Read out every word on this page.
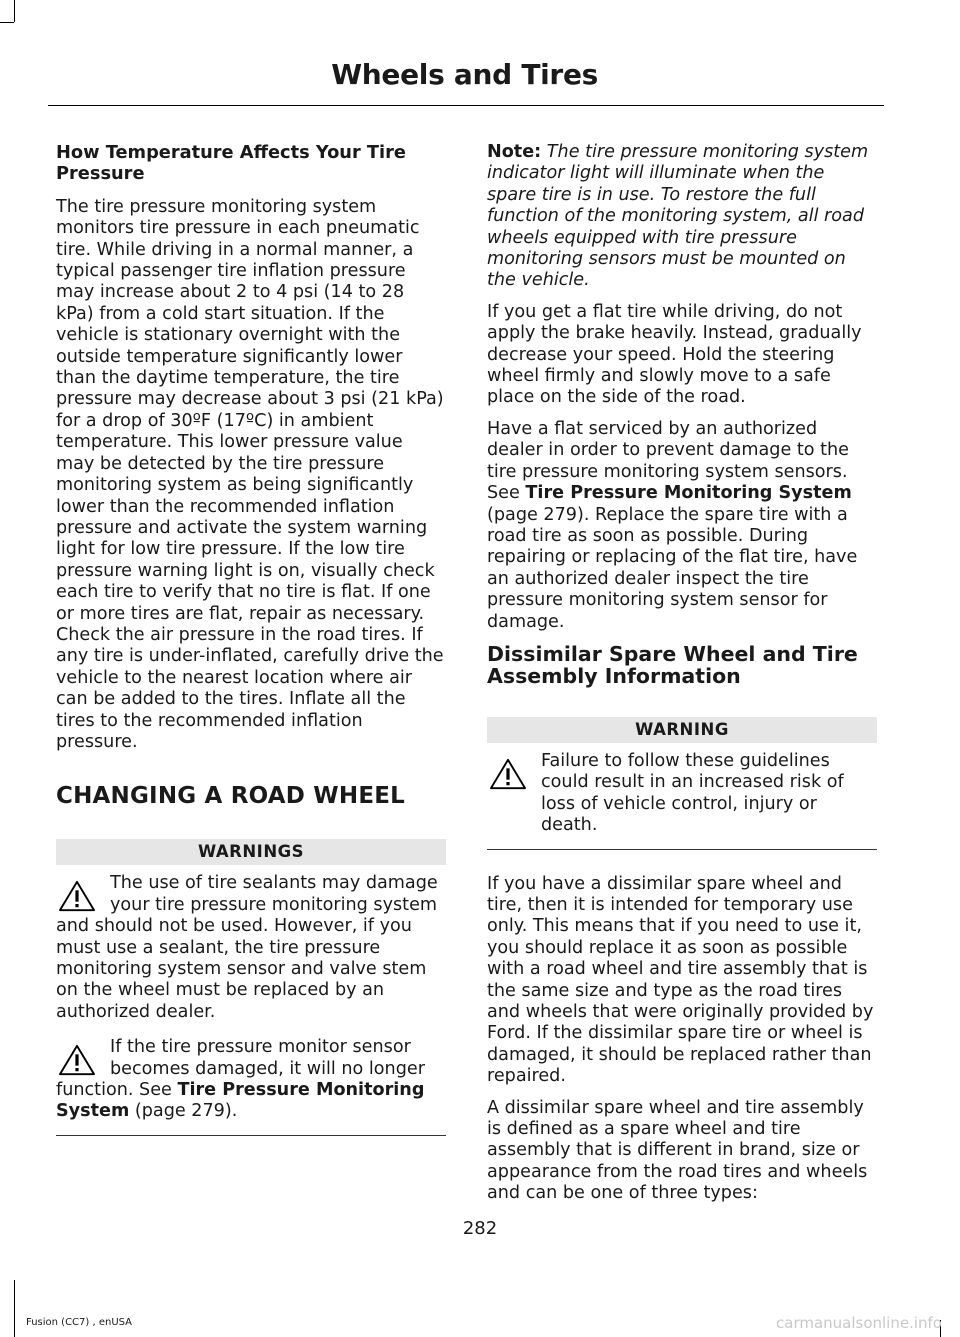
Wheels and Tires

How Temperature Affects Your Tire Pressure

The tire pressure monitoring system monitors tire pressure in each pneumatic tire. While driving in a normal manner, a typical passenger tire inflation pressure may increase about 2 to 4 psi (14 to 28 kPa) from a cold start situation. If the vehicle is stationary overnight with the outside temperature significantly lower than the daytime temperature, the tire pressure may decrease about 3 psi (21 kPa) for a drop of 30ºF (17ºC) in ambient temperature. This lower pressure value may be detected by the tire pressure monitoring system as being significantly lower than the recommended inflation pressure and activate the system warning light for low tire pressure. If the low tire pressure warning light is on, visually check each tire to verify that no tire is flat. If one or more tires are flat, repair as necessary. Check the air pressure in the road tires. If any tire is under-inflated, carefully drive the vehicle to the nearest location where air can be added to the tires. Inflate all the tires to the recommended inflation pressure.

CHANGING A ROAD WHEEL
WARNINGS
The use of tire sealants may damage your tire pressure monitoring system and should not be used. However, if you must use a sealant, the tire pressure monitoring system sensor and valve stem on the wheel must be replaced by an authorized dealer.
If the tire pressure monitor sensor becomes damaged, it will no longer function. See Tire Pressure Monitoring System (page 279).

Note: The tire pressure monitoring system indicator light will illuminate when the spare tire is in use. To restore the full function of the monitoring system, all road wheels equipped with tire pressure monitoring sensors must be mounted on the vehicle.

If you get a flat tire while driving, do not apply the brake heavily. Instead, gradually decrease your speed. Hold the steering wheel firmly and slowly move to a safe place on the side of the road.

Have a flat serviced by an authorized dealer in order to prevent damage to the tire pressure monitoring system sensors. See Tire Pressure Monitoring System (page 279). Replace the spare tire with a road tire as soon as possible. During repairing or replacing of the flat tire, have an authorized dealer inspect the tire pressure monitoring system sensor for damage.

Dissimilar Spare Wheel and Tire Assembly Information
WARNING
Failure to follow these guidelines could result in an increased risk of loss of vehicle control, injury or death.

If you have a dissimilar spare wheel and tire, then it is intended for temporary use only. This means that if you need to use it, you should replace it as soon as possible with a road wheel and tire assembly that is the same size and type as the road tires and wheels that were originally provided by Ford. If the dissimilar spare tire or wheel is damaged, it should be replaced rather than repaired.

A dissimilar spare wheel and tire assembly is defined as a spare wheel and tire assembly that is different in brand, size or appearance from the road tires and wheels and can be one of three types:

282
Fusion (CC7) , enUSA	carmanualsonline.info
